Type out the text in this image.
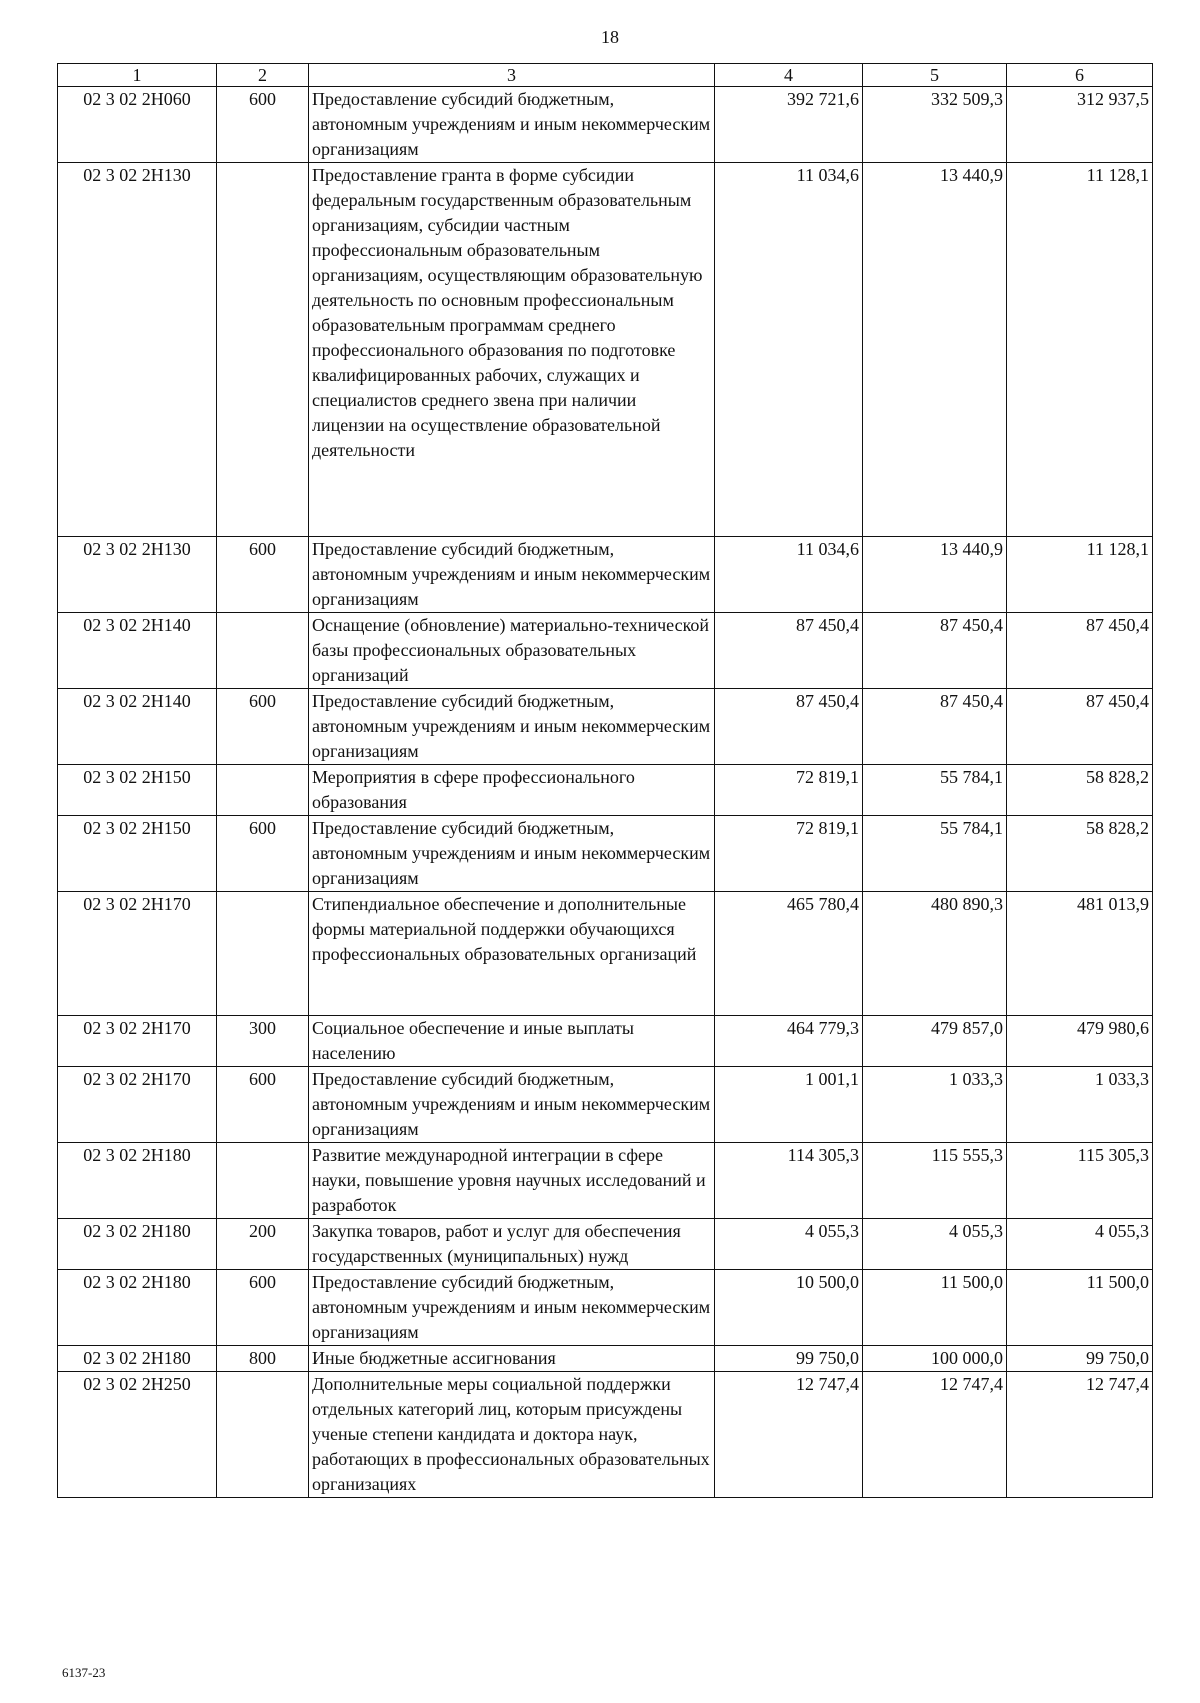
18
1	2	3	4	5	6
02 3 02 2Н060	600	Предоставление субсидий бюджетным, автономным учреждениям и иным некоммерческим организациям	392 721,6	332 509,3	312 937,5
02 3 02 2Н130		Предоставление гранта в форме субсидии федеральным государственным образовательным организациям, субсидии частным профессиональным образовательным организациям, осуществляющим образовательную деятельность по основным профессиональным образовательным программам среднего профессионального образования по подготовке квалифицированных рабочих, служащих и специалистов среднего звена при наличии лицензии на осуществление образовательной деятельности	11 034,6	13 440,9	11 128,1
02 3 02 2Н130	600	Предоставление субсидий бюджетным, автономным учреждениям и иным некоммерческим организациям	11 034,6	13 440,9	11 128,1
02 3 02 2Н140		Оснащение (обновление) материально-технической базы профессиональных образовательных организаций	87 450,4	87 450,4	87 450,4
02 3 02 2Н140	600	Предоставление субсидий бюджетным, автономным учреждениям и иным некоммерческим организациям	87 450,4	87 450,4	87 450,4
02 3 02 2Н150		Мероприятия в сфере профессионального образования	72 819,1	55 784,1	58 828,2
02 3 02 2Н150	600	Предоставление субсидий бюджетным, автономным учреждениям и иным некоммерческим организациям	72 819,1	55 784,1	58 828,2
02 3 02 2Н170		Стипендиальное обеспечение и дополнительные формы материальной поддержки обучающихся профессиональных образовательных организаций	465 780,4	480 890,3	481 013,9
02 3 02 2Н170	300	Социальное обеспечение и иные выплаты населению	464 779,3	479 857,0	479 980,6
02 3 02 2Н170	600	Предоставление субсидий бюджетным, автономным учреждениям и иным некоммерческим организациям	1 001,1	1 033,3	1 033,3
02 3 02 2Н180		Развитие международной интеграции в сфере науки, повышение уровня научных исследований и разработок	114 305,3	115 555,3	115 305,3
02 3 02 2Н180	200	Закупка товаров, работ и услуг для обеспечения государственных (муниципальных) нужд	4 055,3	4 055,3	4 055,3
02 3 02 2Н180	600	Предоставление субсидий бюджетным, автономным учреждениям и иным некоммерческим организациям	10 500,0	11 500,0	11 500,0
02 3 02 2Н180	800	Иные бюджетные ассигнования	99 750,0	100 000,0	99 750,0
02 3 02 2Н250		Дополнительные меры социальной поддержки отдельных категорий лиц, которым присуждены ученые степени кандидата и доктора наук, работающих в профессиональных образовательных организациях	12 747,4	12 747,4	12 747,4
6137-23
